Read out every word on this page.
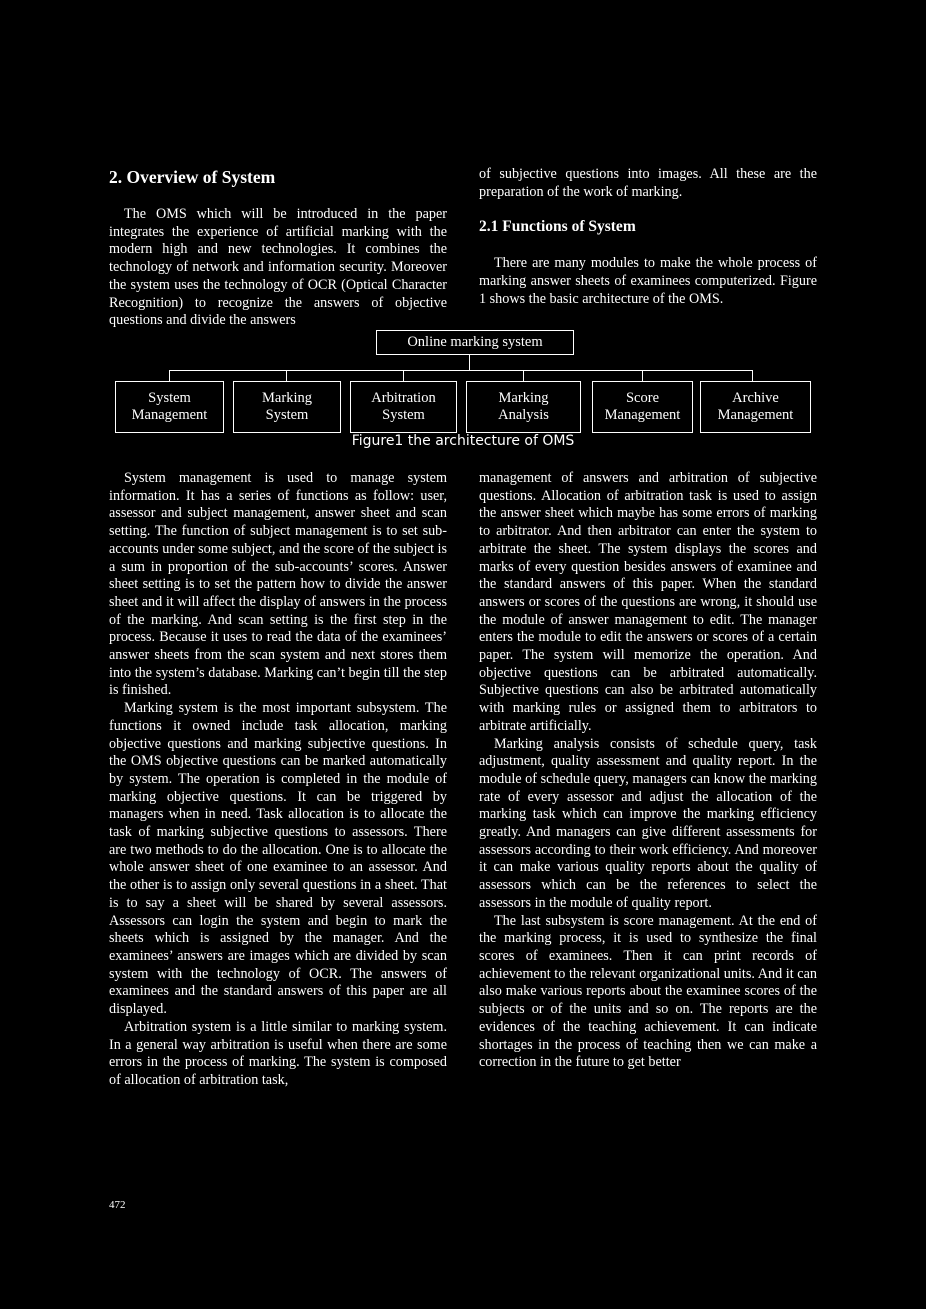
2. Overview of System

The OMS which will be introduced in the paper integrates the experience of artificial marking with the modern high and new technologies. It combines the technology of network and information security. Moreover the system uses the technology of OCR (Optical Character Recognition) to recognize the answers of objective questions and divide the answers

of subjective questions into images. All these are the preparation of the work of marking.

2.1 Functions of System

There are many modules to make the whole process of marking answer sheets of examinees computerized. Figure 1 shows the basic architecture of the OMS.

Online marking system
System
Management
Marking
System
Arbitration
System
Marking
Analysis
Score
Management
Archive
Management
Figure1 the architecture of OMS

System management is used to manage system information. It has a series of functions as follow: user, assessor and subject management, answer sheet and scan setting. The function of subject management is to set sub-accounts under some subject, and the score of the subject is a sum in proportion of the sub-accounts’ scores. Answer sheet setting is to set the pattern how to divide the answer sheet and it will affect the display of answers in the process of the marking. And scan setting is the first step in the process. Because it uses to read the data of the examinees’ answer sheets from the scan system and next stores them into the system’s database. Marking can’t begin till the step is finished.

Marking system is the most important subsystem. The functions it owned include task allocation, marking objective questions and marking subjective questions. In the OMS objective questions can be marked automatically by system. The operation is completed in the module of marking objective questions. It can be triggered by managers when in need. Task allocation is to allocate the task of marking subjective questions to assessors. There are two methods to do the allocation. One is to allocate the whole answer sheet of one examinee to an assessor. And the other is to assign only several questions in a sheet. That is to say a sheet will be shared by several assessors. Assessors can login the system and begin to mark the sheets which is assigned by the manager. And the examinees’ answers are images which are divided by scan system with the technology of OCR. The answers of examinees and the standard answers of this paper are all displayed.

Arbitration system is a little similar to marking system. In a general way arbitration is useful when there are some errors in the process of marking. The system is composed of allocation of arbitration task,

management of answers and arbitration of subjective questions. Allocation of arbitration task is used to assign the answer sheet which maybe has some errors of marking to arbitrator. And then arbitrator can enter the system to arbitrate the sheet. The system displays the scores and marks of every question besides answers of examinee and the standard answers of this paper. When the standard answers or scores of the questions are wrong, it should use the module of answer management to edit. The manager enters the module to edit the answers or scores of a certain paper. The system will memorize the operation. And objective questions can be arbitrated automatically. Subjective questions can also be arbitrated automatically with marking rules or assigned them to arbitrators to arbitrate artificially.

Marking analysis consists of schedule query, task adjustment, quality assessment and quality report. In the module of schedule query, managers can know the marking rate of every assessor and adjust the allocation of the marking task which can improve the marking efficiency greatly. And managers can give different assessments for assessors according to their work efficiency. And moreover it can make various quality reports about the quality of assessors which can be the references to select the assessors in the module of quality report.

The last subsystem is score management. At the end of the marking process, it is used to synthesize the final scores of examinees. Then it can print records of achievement to the relevant organizational units. And it can also make various reports about the examinee scores of the subjects or of the units and so on. The reports are the evidences of the teaching achievement. It can indicate shortages in the process of teaching then we can make a correction in the future to get better

472
